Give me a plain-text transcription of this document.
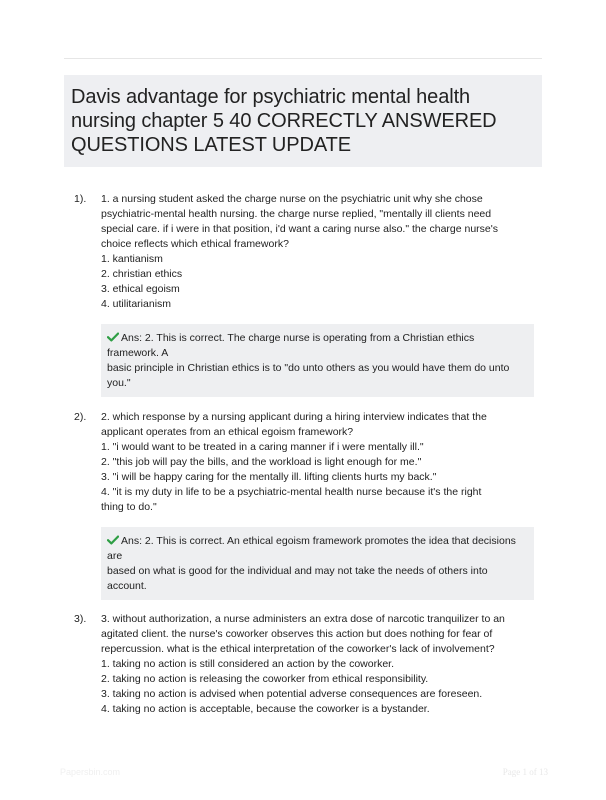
Davis advantage for psychiatric mental health nursing chapter 5 40 CORRECTLY ANSWERED QUESTIONS LATEST UPDATE
1).	1. a nursing student asked the charge nurse on the psychiatric unit why she chose psychiatric-mental health nursing. the charge nurse replied, "mentally ill clients need special care. if i were in that position, i'd want a caring nurse also." the charge nurse's choice reflects which ethical framework?
1. kantianism
2. christian ethics
3. ethical egoism
4. utilitarianism
Ans: 2. This is correct. The charge nurse is operating from a Christian ethics framework. A
basic principle in Christian ethics is to "do unto others as you would have them do unto you."
2).	2. which response by a nursing applicant during a hiring interview indicates that the applicant operates from an ethical egoism framework?
1. "i would want to be treated in a caring manner if i were mentally ill."
2. "this job will pay the bills, and the workload is light enough for me."
3. "i will be happy caring for the mentally ill. lifting clients hurts my back."
4. "it is my duty in life to be a psychiatric-mental health nurse because it's the right thing to do."
Ans: 2. This is correct. An ethical egoism framework promotes the idea that decisions are
based on what is good for the individual and may not take the needs of others into account.
3).	3. without authorization, a nurse administers an extra dose of narcotic tranquilizer to an agitated client. the nurse's coworker observes this action but does nothing for fear of repercussion. what is the ethical interpretation of the coworker's lack of involvement?
1. taking no action is still considered an action by the coworker.
2. taking no action is releasing the coworker from ethical responsibility.
3. taking no action is advised when potential adverse consequences are foreseen.
4. taking no action is acceptable, because the coworker is a bystander.
Papersbin.com	Page 1 of 13
